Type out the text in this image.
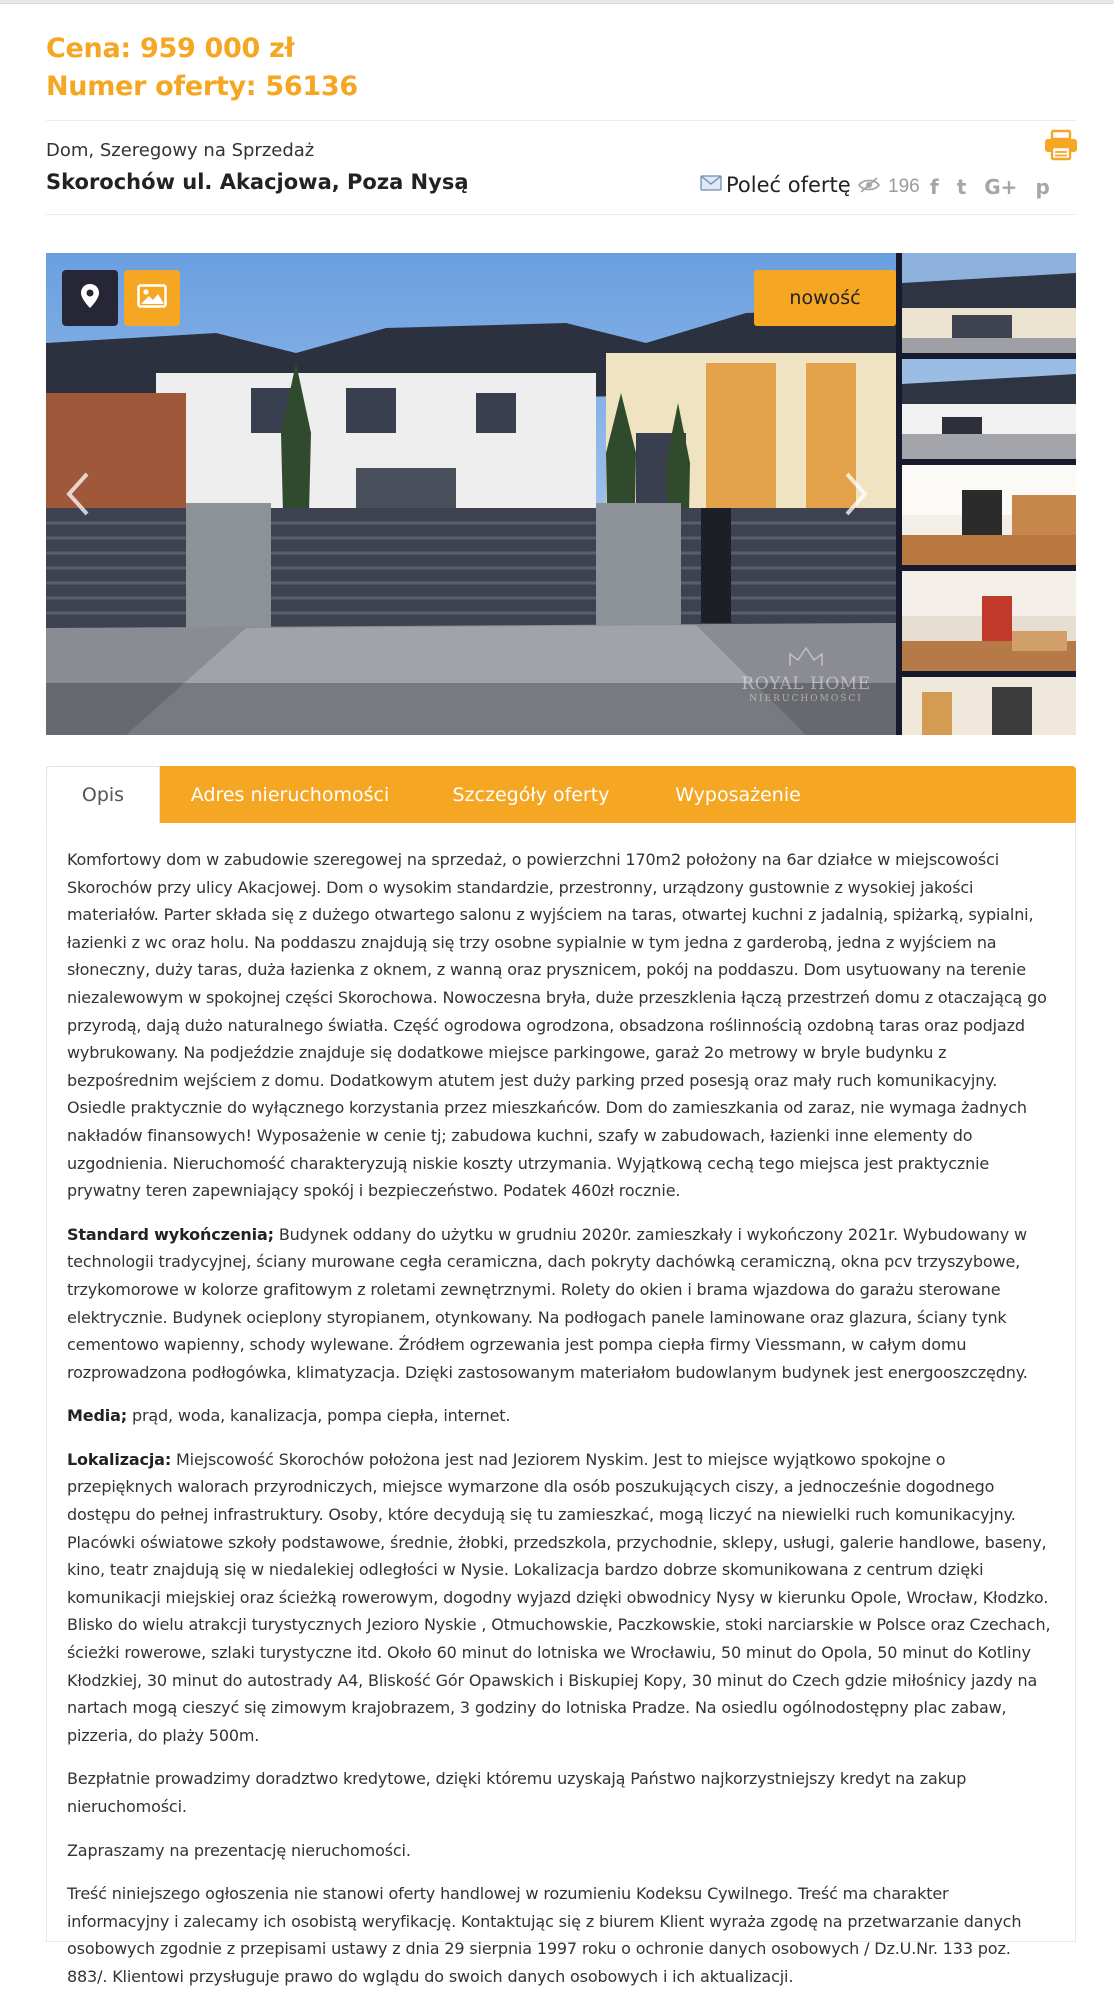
Cena: 959 000 zł
Numer oferty: 56136
Dom, Szeregowy na Sprzedaż
Skorochów ul. Akacjowa, Poza Nysą	Poleć ofertę 196 f t G+ p
nowość
ROYAL HOME
NIERUCHOMOŚCI
Opis	Adres nieruchomości	Szczegóły oferty	Wyposażenie

Komfortowy dom w zabudowie szeregowej na sprzedaż, o powierzchni 170m2 położony na 6ar działce w miejscowości Skorochów przy ulicy Akacjowej. Dom o wysokim standardzie, przestronny, urządzony gustownie z wysokiej jakości materiałów. Parter składa się z dużego otwartego salonu z wyjściem na taras, otwartej kuchni z jadalnią, spiżarką, sypialni, łazienki z wc oraz holu. Na poddaszu znajdują się trzy osobne sypialnie w tym jedna z garderobą, jedna z wyjściem na słoneczny, duży taras, duża łazienka z oknem, z wanną oraz prysznicem, pokój na poddaszu. Dom usytuowany na terenie niezalewowym w spokojnej części Skorochowa. Nowoczesna bryła, duże przeszklenia łączą przestrzeń domu z otaczającą go przyrodą, dają dużo naturalnego światła. Część ogrodowa ogrodzona, obsadzona roślinnością ozdobną taras oraz podjazd wybrukowany. Na podjeździe znajduje się dodatkowe miejsce parkingowe, garaż 2o metrowy w bryle budynku z bezpośrednim wejściem z domu. Dodatkowym atutem jest duży parking przed posesją oraz mały ruch komunikacyjny. Osiedle praktycznie do wyłącznego korzystania przez mieszkańców. Dom do zamieszkania od zaraz, nie wymaga żadnych nakładów finansowych! Wyposażenie w cenie tj; zabudowa kuchni, szafy w zabudowach, łazienki inne elementy do uzgodnienia. Nieruchomość charakteryzują niskie koszty utrzymania. Wyjątkową cechą tego miejsca jest praktycznie prywatny teren zapewniający spokój i bezpieczeństwo. Podatek 460zł rocznie.

Standard wykończenia; Budynek oddany do użytku w grudniu 2020r. zamieszkały i wykończony 2021r. Wybudowany w technologii tradycyjnej, ściany murowane cegła ceramiczna, dach pokryty dachówką ceramiczną, okna pcv trzyszybowe, trzykomorowe w kolorze grafitowym z roletami zewnętrznymi. Rolety do okien i brama wjazdowa do garażu sterowane elektrycznie. Budynek ocieplony styropianem, otynkowany. Na podłogach panele laminowane oraz glazura, ściany tynk cementowo wapienny, schody wylewane. Źródłem ogrzewania jest pompa ciepła firmy Viessmann, w całym domu rozprowadzona podłogówka, klimatyzacja. Dzięki zastosowanym materiałom budowlanym budynek jest energooszczędny.

Media; prąd, woda, kanalizacja, pompa ciepła, internet.

Lokalizacja: Miejscowość Skorochów położona jest nad Jeziorem Nyskim. Jest to miejsce wyjątkowo spokojne o przepięknych walorach przyrodniczych, miejsce wymarzone dla osób poszukujących ciszy, a jednocześnie dogodnego dostępu do pełnej infrastruktury. Osoby, które decydują się tu zamieszkać, mogą liczyć na niewielki ruch komunikacyjny. Placówki oświatowe szkoły podstawowe, średnie, żłobki, przedszkola, przychodnie, sklepy, usługi, galerie handlowe, baseny, kino, teatr znajdują się w niedalekiej odległości w Nysie. Lokalizacja bardzo dobrze skomunikowana z centrum dzięki komunikacji miejskiej oraz ścieżką rowerowym, dogodny wyjazd dzięki obwodnicy Nysy w kierunku Opole, Wrocław, Kłodzko. Blisko do wielu atrakcji turystycznych Jezioro Nyskie , Otmuchowskie, Paczkowskie, stoki narciarskie w Polsce oraz Czechach, ścieżki rowerowe, szlaki turystyczne itd. Około 60 minut do lotniska we Wrocławiu, 50 minut do Opola, 50 minut do Kotliny Kłodzkiej, 30 minut do autostrady A4, Bliskość Gór Opawskich i Biskupiej Kopy, 30 minut do Czech gdzie miłośnicy jazdy na nartach mogą cieszyć się zimowym krajobrazem, 3 godziny do lotniska Pradze. Na osiedlu ogólnodostępny plac zabaw, pizzeria, do plaży 500m.

Bezpłatnie prowadzimy doradztwo kredytowe, dzięki któremu uzyskają Państwo najkorzystniejszy kredyt na zakup nieruchomości.

Zapraszamy na prezentację nieruchomości.

Treść niniejszego ogłoszenia nie stanowi oferty handlowej w rozumieniu Kodeksu Cywilnego. Treść ma charakter informacyjny i zalecamy ich osobistą weryfikację. Kontaktując się z biurem Klient wyraża zgodę na przetwarzanie danych osobowych zgodnie z przepisami ustawy z dnia 29 sierpnia 1997 roku o ochronie danych osobowych / Dz.U.Nr. 133 poz. 883/. Klientowi przysługuje prawo do wglądu do swoich danych osobowych i ich aktualizacji.
